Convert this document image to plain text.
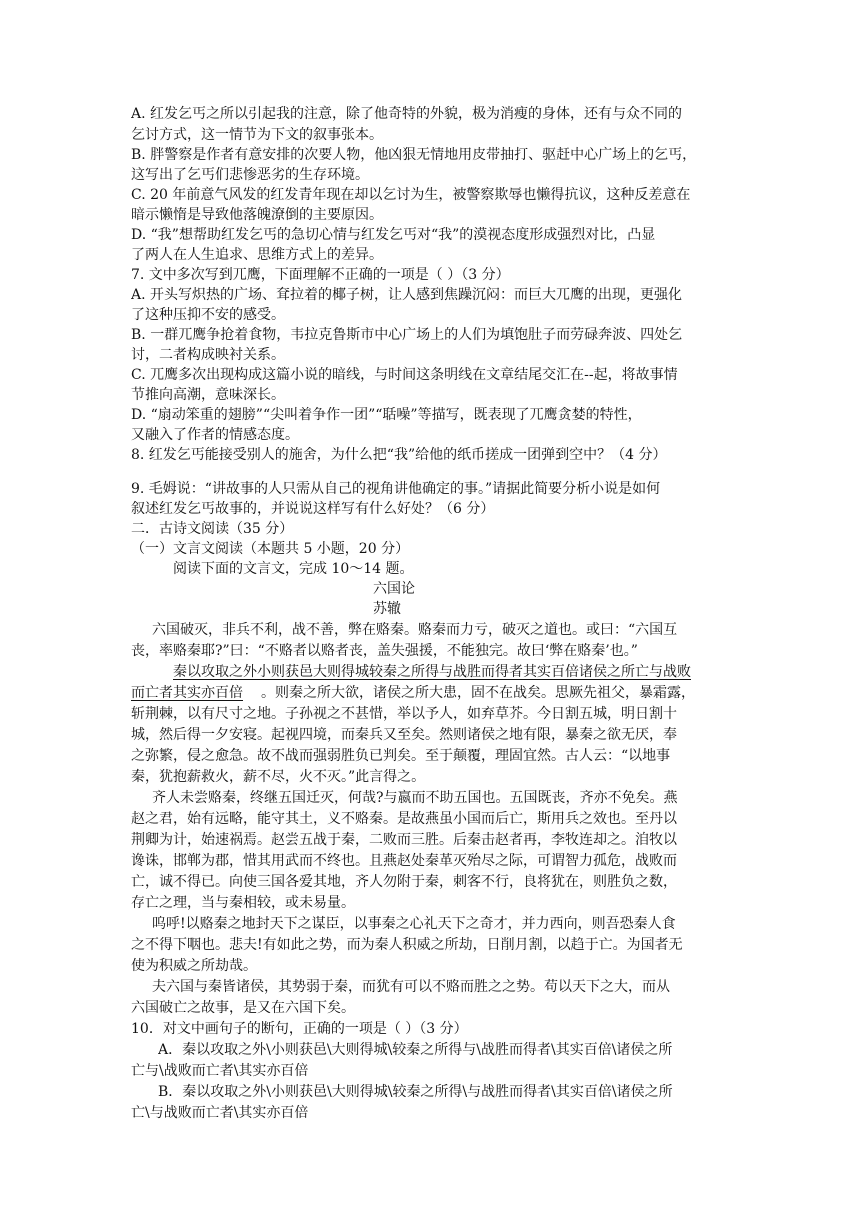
A. 红发乞丐之所以引起我的注意，除了他奇特的外貌，极为消瘦的身体，还有与众不同的
乞讨方式，这一情节为下文的叙事张本。
B. 胖警察是作者有意安排的次要人物，他凶狠无情地用皮带抽打、驱赶中心广场上的乞丐，
这写出了乞丐们悲惨恶劣的生存环境。
C. 20 年前意气风发的红发青年现在却以乞讨为生，被警察欺辱也懒得抗议，这种反差意在
暗示懒惰是导致他落魄潦倒的主要原因。
D. “我”想帮助红发乞丐的急切心情与红发乞丐对“我”的漠视态度形成强烈对比，凸显
了两人在人生追求、思维方式上的差异。
7. 文中多次写到兀鹰，下面理解不正确的一项是（ ）（3 分）
A. 开头写炽热的广场、耷拉着的椰子树，让人感到焦躁沉闷：而巨大兀鹰的出现，更强化
了这种压抑不安的感受。
B. 一群兀鹰争抢着食物，韦拉克鲁斯市中心广场上的人们为填饱肚子而劳碌奔波、四处乞
讨，二者构成映衬关系。
C. 兀鹰多次出现构成这篇小说的暗线，与时间这条明线在文章结尾交汇在--起，将故事情
节推向高潮，意味深长。
D. “扇动笨重的翅膀”“尖叫着争作一团”“聒噪”等描写，既表现了兀鹰贪婪的特性，
又融入了作者的情感态度。
8. 红发乞丐能接受别人的施舍，为什么把“我”给他的纸币搓成一团弹到空中？（4 分）
9. 毛姆说：“讲故事的人只需从自己的视角讲他确定的事。”请据此简要分析小说是如何
叙述红发乞丐故事的，并说说这样写有什么好处？（6 分）
二．古诗文阅读（35 分）
（一）文言文阅读（本题共 5 小题，20 分）
阅读下面的文言文，完成 10～14 题。
六国论
苏辙
六国破灭，非兵不利，战不善，弊在赂秦。赂秦而力亏，破灭之道也。或曰：“六国互
丧，率赂秦耶?”曰：“不赂者以赂者丧，盖失强援，不能独完。故曰‘弊在赂秦’也。”
秦以攻取之外小则获邑大则得城较秦之所得与战胜而得者其实百倍诸侯之所亡与战败
而亡者其实亦百倍	。则秦之所大欲，诸侯之所大患，固不在战矣。思厥先祖父，暴霜露，
斩荆棘，以有尺寸之地。子孙视之不甚惜，举以予人，如弃草芥。今日割五城，明日割十
城，然后得一夕安寝。起视四境，而秦兵又至矣。然则诸侯之地有限，暴秦之欲无厌，奉
之弥繁，侵之愈急。故不战而强弱胜负已判矣。至于颠覆，理固宜然。古人云：“以地事
秦，犹抱薪救火，薪不尽，火不灭。”此言得之。
齐人未尝赂秦，终继五国迁灭，何哉?与嬴而不助五国也。五国既丧，齐亦不免矣。燕
赵之君，始有远略，能守其土，义不赂秦。是故燕虽小国而后亡，斯用兵之效也。至丹以
荆卿为计，始速祸焉。赵尝五战于秦，二败而三胜。后秦击赵者再，李牧连却之。洎牧以
谗诛，邯郸为郡，惜其用武而不终也。且燕赵处秦革灭殆尽之际，可谓智力孤危，战败而
亡，诚不得已。向使三国各爱其地，齐人勿附于秦，刺客不行，良将犹在，则胜负之数，
存亡之理，当与秦相较，或未易量。
呜呼!以赂秦之地封天下之谋臣，以事秦之心礼天下之奇才，并力西向，则吾恐秦人食
之不得下咽也。悲夫!有如此之势，而为秦人积威之所劫，日削月割，以趋于亡。为国者无
使为积威之所劫哉。
夫六国与秦皆诸侯，其势弱于秦，而犹有可以不赂而胜之之势。苟以天下之大，而从
六国破亡之故事，是又在六国下矣。
10．对文中画句子的断句，正确的一项是（ ）（3 分）
A．秦以攻取之外\小则获邑\大则得城\较秦之所得与\战胜而得者\其实百倍\诸侯之所
亡与\战败而亡者\其实亦百倍
B．秦以攻取之外\小则获邑\大则得城\较秦之所得\与战胜而得者\其实百倍\诸侯之所
亡\与战败而亡者\其实亦百倍
